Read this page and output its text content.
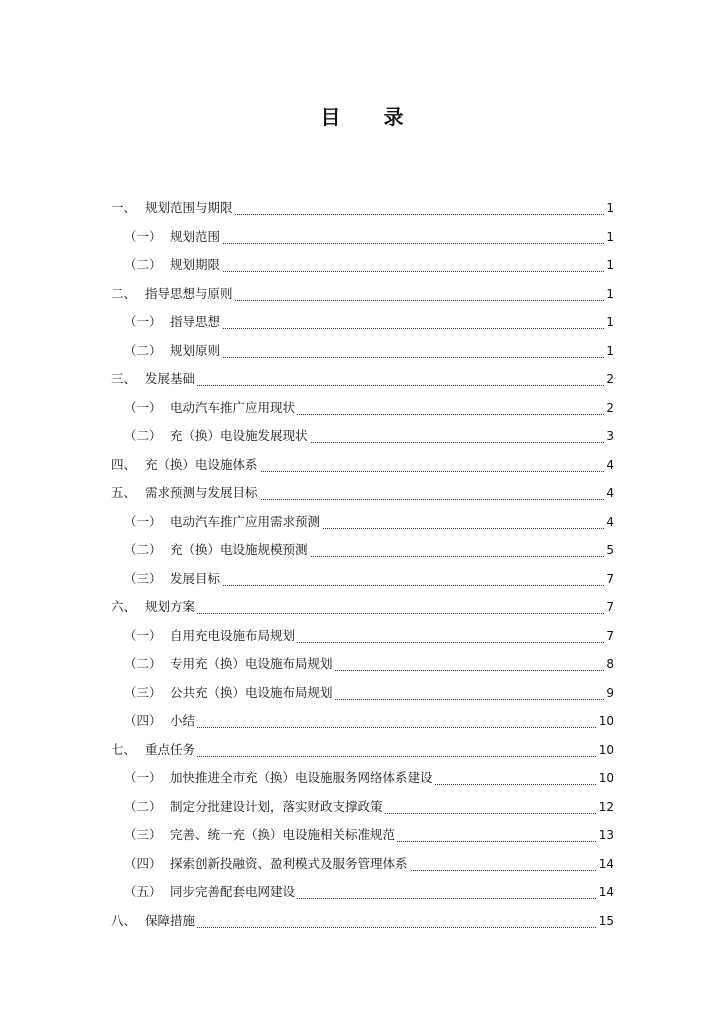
目 录
一、 规划范围与期限	1
（一） 规划范围	1
（二） 规划期限	1
二、 指导思想与原则	1
（一） 指导思想	1
（二） 规划原则	1
三、 发展基础	2
（一） 电动汽车推广应用现状	2
（二） 充（换）电设施发展现状	3
四、 充（换）电设施体系	4
五、 需求预测与发展目标	4
（一） 电动汽车推广应用需求预测	4
（二） 充（换）电设施规模预测	5
（三） 发展目标	7
六、 规划方案	7
（一） 自用充电设施布局规划	7
（二） 专用充（换）电设施布局规划	8
（三） 公共充（换）电设施布局规划	9
（四） 小结	10
七、 重点任务	10
（一） 加快推进全市充（换）电设施服务网络体系建设	10
（二） 制定分批建设计划，落实财政支撑政策	12
（三） 完善、统一充（换）电设施相关标准规范	13
（四） 探索创新投融资、盈利模式及服务管理体系	14
（五） 同步完善配套电网建设	14
八、 保障措施	15
